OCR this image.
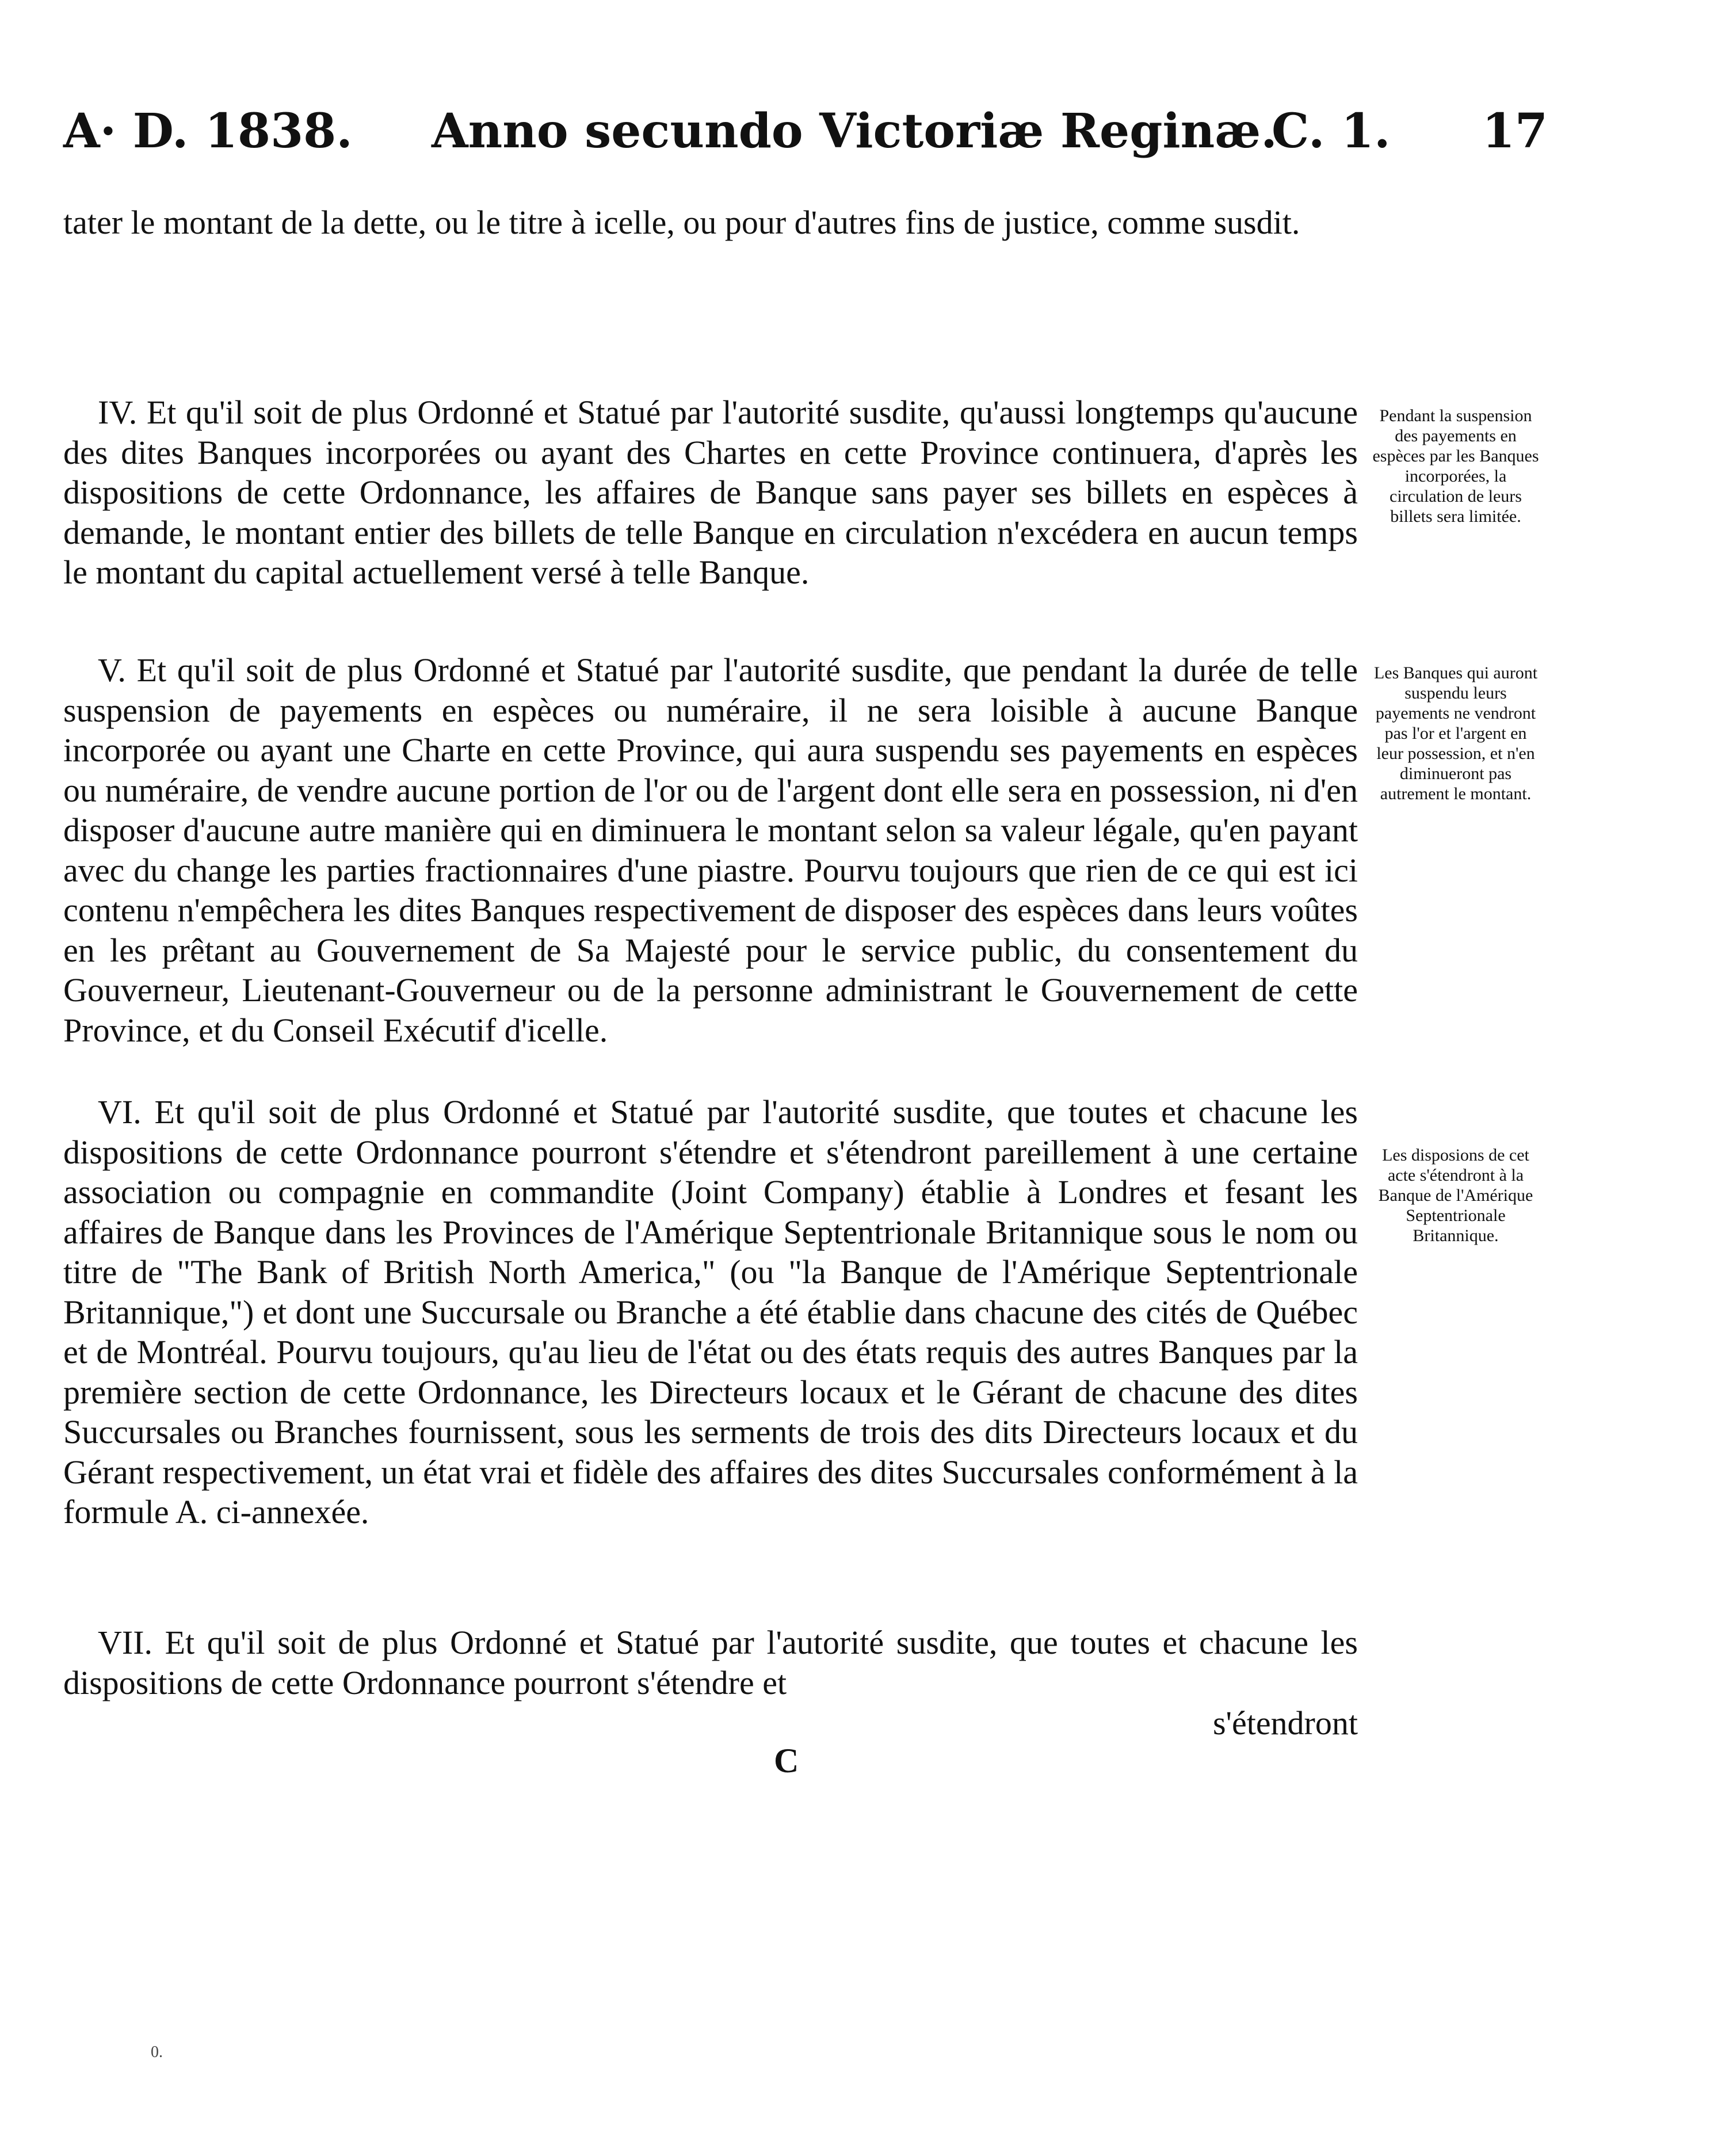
A· D. 1838. Anno secundo Victoriæ Reginæ.
C. 1. 17

tater le montant de la dette, ou le titre à icelle, ou pour d'autres fins de justice, comme susdit.

IV. Et qu'il soit de plus Ordonné et Statué par l'autorité susdite, qu'aussi longtemps qu'aucune des dites Banques incorporées ou ayant des Chartes en cette Province continuera, d'après les dispositions de cette Ordonnance, les affaires de Banque sans payer ses billets en espèces à demande, le montant entier des billets de telle Banque en circulation n'excédera en aucun temps le montant du capital actuellement versé à telle Banque.

Pendant la suspension des payements en espèces par les Banques incorporées, la circulation de leurs billets sera limitée.

V. Et qu'il soit de plus Ordonné et Statué par l'autorité susdite, que pendant la durée de telle suspension de payements en espèces ou numéraire, il ne sera loisible à aucune Banque incorporée ou ayant une Charte en cette Province, qui aura suspendu ses payements en espèces ou numéraire, de vendre aucune portion de l'or ou de l'argent dont elle sera en possession, ni d'en disposer d'aucune autre manière qui en diminuera le montant selon sa valeur légale, qu'en payant avec du change les parties fractionnaires d'une piastre. Pourvu toujours que rien de ce qui est ici contenu n'empêchera les dites Banques respectivement de disposer des espèces dans leurs voûtes en les prêtant au Gouvernement de Sa Majesté pour le service public, du consentement du Gouverneur, Lieutenant-Gouverneur ou de la personne administrant le Gouvernement de cette Province, et du Conseil Exécutif d'icelle.

Les Banques qui auront suspendu leurs payements ne vendront pas l'or et l'argent en leur possession, et n'en diminueront pas autrement le montant.

VI. Et qu'il soit de plus Ordonné et Statué par l'autorité susdite, que toutes et chacune les dispositions de cette Ordonnance pourront s'étendre et s'étendront pareillement à une certaine association ou compagnie en commandite (Joint Company) établie à Londres et fesant les affaires de Banque dans les Provinces de l'Amérique Septentrionale Britannique sous le nom ou titre de "The Bank of British North America," (ou "la Banque de l'Amérique Septentrionale Britannique,") et dont une Succursale ou Branche a été établie dans chacune des cités de Québec et de Montréal. Pourvu toujours, qu'au lieu de l'état ou des états requis des autres Banques par la première section de cette Ordonnance, les Directeurs locaux et le Gérant de chacune des dites Succursales ou Branches fournissent, sous les serments de trois des dits Directeurs locaux et du Gérant respectivement, un état vrai et fidèle des affaires des dites Succursales conformément à la formule A. ci-annexée.

Les disposions de cet acte s'étendront à la Banque de l'Amérique Septentrionale Britannique.

VII. Et qu'il soit de plus Ordonné et Statué par l'autorité susdite, que toutes et chacune les dispositions de cette Ordonnance pourront s'étendre et

s'étendront

C
0.
